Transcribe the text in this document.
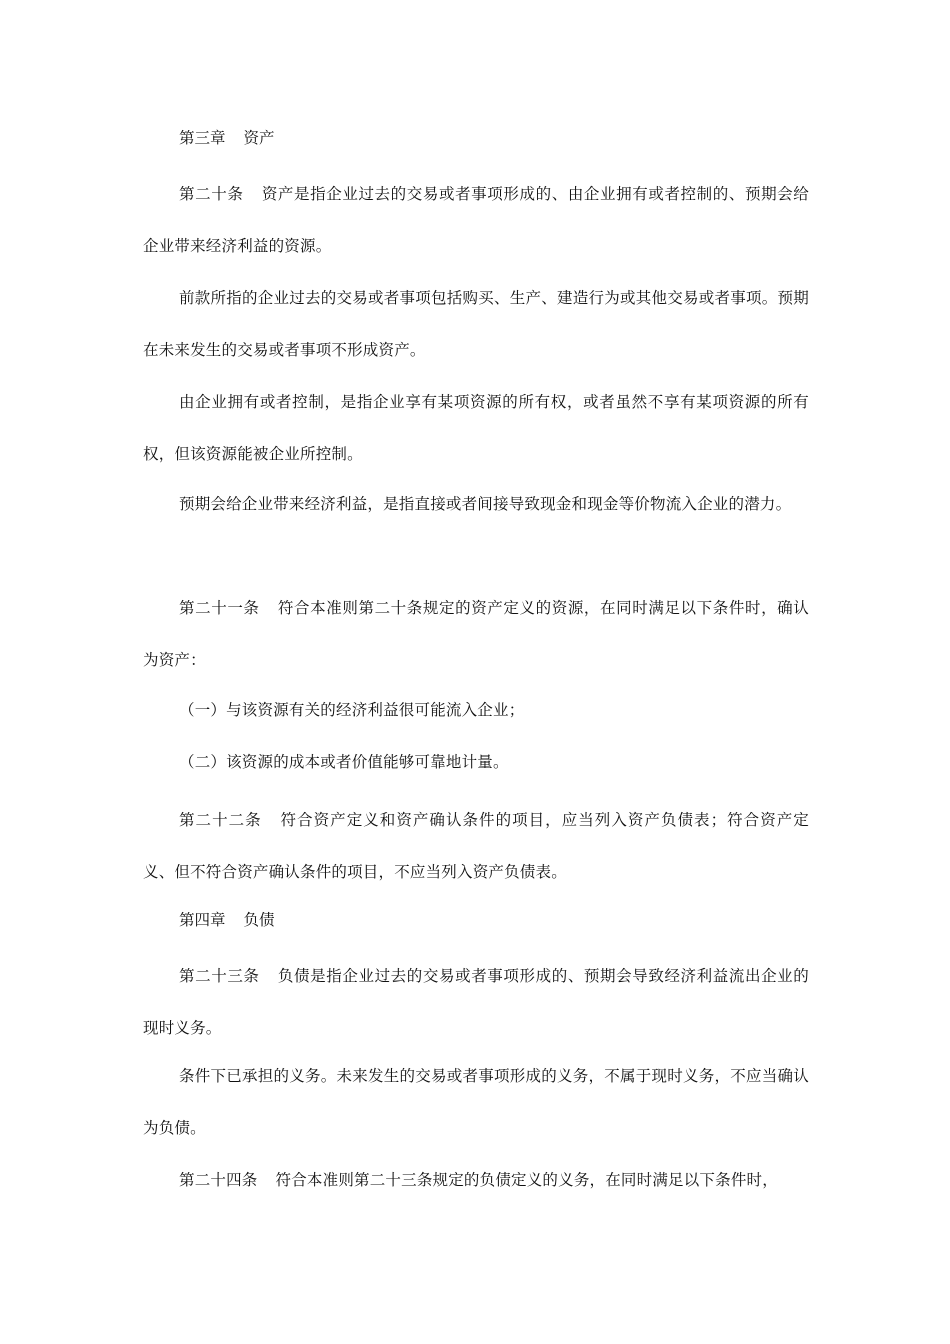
第三章 资产

第二十条 资产是指企业过去的交易或者事项形成的、由企业拥有或者控制的、预期会给企业带来经济利益的资源。

前款所指的企业过去的交易或者事项包括购买、生产、建造行为或其他交易或者事项。预期在未来发生的交易或者事项不形成资产。

由企业拥有或者控制，是指企业享有某项资源的所有权，或者虽然不享有某项资源的所有权，但该资源能被企业所控制。

预期会给企业带来经济利益，是指直接或者间接导致现金和现金等价物流入企业的潜力。

第二十一条 符合本准则第二十条规定的资产定义的资源，在同时满足以下条件时，确认为资产：

（一）与该资源有关的经济利益很可能流入企业；

（二）该资源的成本或者价值能够可靠地计量。

第二十二条 符合资产定义和资产确认条件的项目，应当列入资产负债表；符合资产定义、但不符合资产确认条件的项目，不应当列入资产负债表。

第四章 负债

第二十三条 负债是指企业过去的交易或者事项形成的、预期会导致经济利益流出企业的现时义务。

条件下已承担的义务。未来发生的交易或者事项形成的义务，不属于现时义务，不应当确认为负债。

第二十四条 符合本准则第二十三条规定的负债定义的义务，在同时满足以下条件时，
